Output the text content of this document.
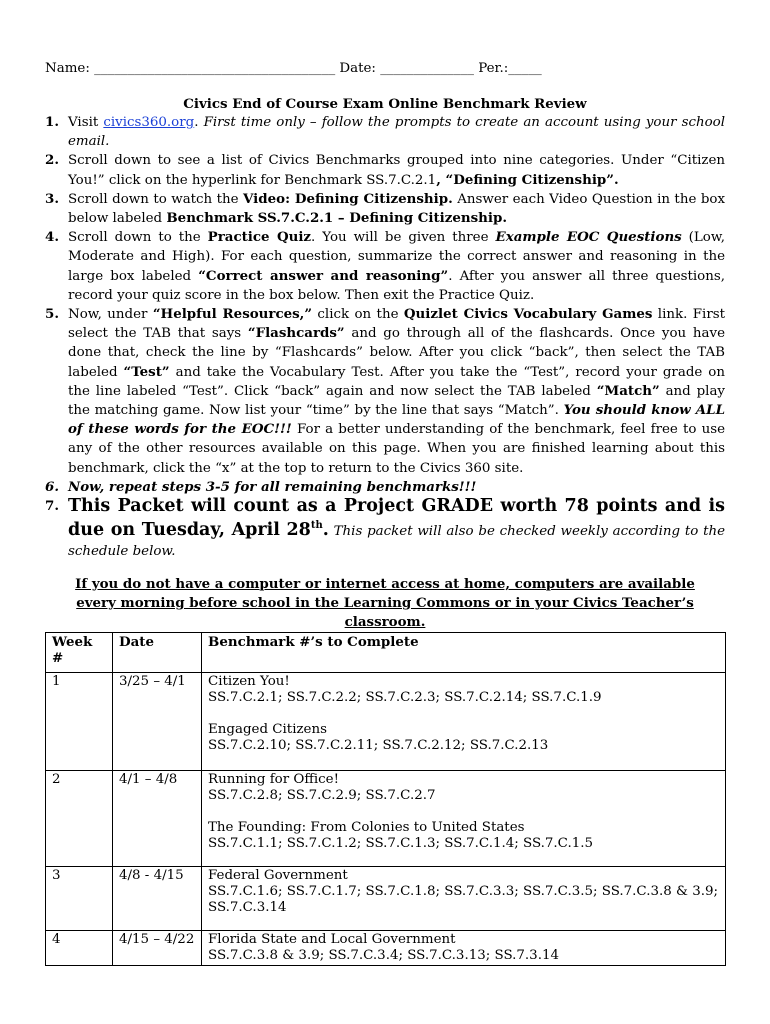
Name: ____________________________________ Date: ______________ Per.:_____

Civics End of Course Exam Online Benchmark Review

1. Visit civics360.org. First time only – follow the prompts to create an account using your school email.
2. Scroll down to see a list of Civics Benchmarks grouped into nine categories. Under “Citizen You!” click on the hyperlink for Benchmark SS.7.C.2.1, “Defining Citizenship”.
3. Scroll down to watch the Video: Defining Citizenship. Answer each Video Question in the box below labeled Benchmark SS.7.C.2.1 – Defining Citizenship.
4. Scroll down to the Practice Quiz. You will be given three Example EOC Questions (Low, Moderate and High). For each question, summarize the correct answer and reasoning in the large box labeled “Correct answer and reasoning”. After you answer all three questions, record your quiz score in the box below. Then exit the Practice Quiz.
5. Now, under “Helpful Resources,” click on the Quizlet Civics Vocabulary Games link. First select the TAB that says “Flashcards” and go through all of the flashcards. Once you have done that, check the line by “Flashcards” below. After you click “back”, then select the TAB labeled “Test” and take the Vocabulary Test. After you take the “Test”, record your grade on the line labeled “Test”. Click “back” again and now select the TAB labeled “Match” and play the matching game. Now list your “time” by the line that says “Match”. You should know ALL of these words for the EOC!!! For a better understanding of the benchmark, feel free to use any of the other resources available on this page. When you are finished learning about this benchmark, click the “x” at the top to return to the Civics 360 site.
6. Now, repeat steps 3-5 for all remaining benchmarks!!!
7. This Packet will count as a Project GRADE worth 78 points and is due on Tuesday, April 28th. This packet will also be checked weekly according to the schedule below.

If you do not have a computer or internet access at home, computers are available every morning before school in the Learning Commons or in your Civics Teacher’s classroom.

Week #	Date	Benchmark #’s to Complete
1	3/25 – 4/1	Citizen You!
SS.7.C.2.1; SS.7.C.2.2; SS.7.C.2.3; SS.7.C.2.14; SS.7.C.1.9
Engaged Citizens
SS.7.C.2.10; SS.7.C.2.11; SS.7.C.2.12; SS.7.C.2.13

2	4/1 – 4/8	Running for Office!
SS.7.C.2.8; SS.7.C.2.9; SS.7.C.2.7
The Founding: From Colonies to United States
SS.7.C.1.1; SS.7.C.1.2; SS.7.C.1.3; SS.7.C.1.4; SS.7.C.1.5

3	4/8 - 4/15	Federal Government
SS.7.C.1.6; SS.7.C.1.7; SS.7.C.1.8; SS.7.C.3.3; SS.7.C.3.5; SS.7.C.3.8 & 3.9; SS.7.C.3.14

4	4/15 – 4/22	Florida State and Local Government
SS.7.C.3.8 & 3.9; SS.7.C.3.4; SS.7.C.3.13; SS.7.3.14
